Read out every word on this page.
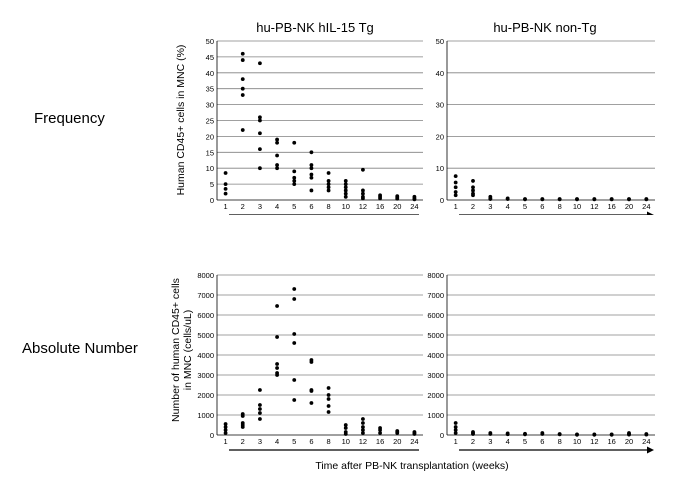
hu-PB-NK hIL-15 Tg	hu-PB-NK non-Tg
Frequency
Absolute Number
Human CD45+ cells in MNC (%)
Number of human CD45+ cells in MNC (cells/uL)
Time after PB-NK transplantation (weeks)
0
5
10
15
20
25
30
35
40
45
50
1 2 3 4 5 6 8 10 12 16 20 24
0
10
20
30
40
50
1 2 3 4 5 6 8 10 12 16 20 24
0
1000
2000
3000
4000
5000
6000
7000
8000
1 2 3 4 5 6 8 10 12 16 20 24
0
1000
2000
3000
4000
5000
6000
7000
8000
1 2 3 4 5 6 8 10 12 16 20 24
